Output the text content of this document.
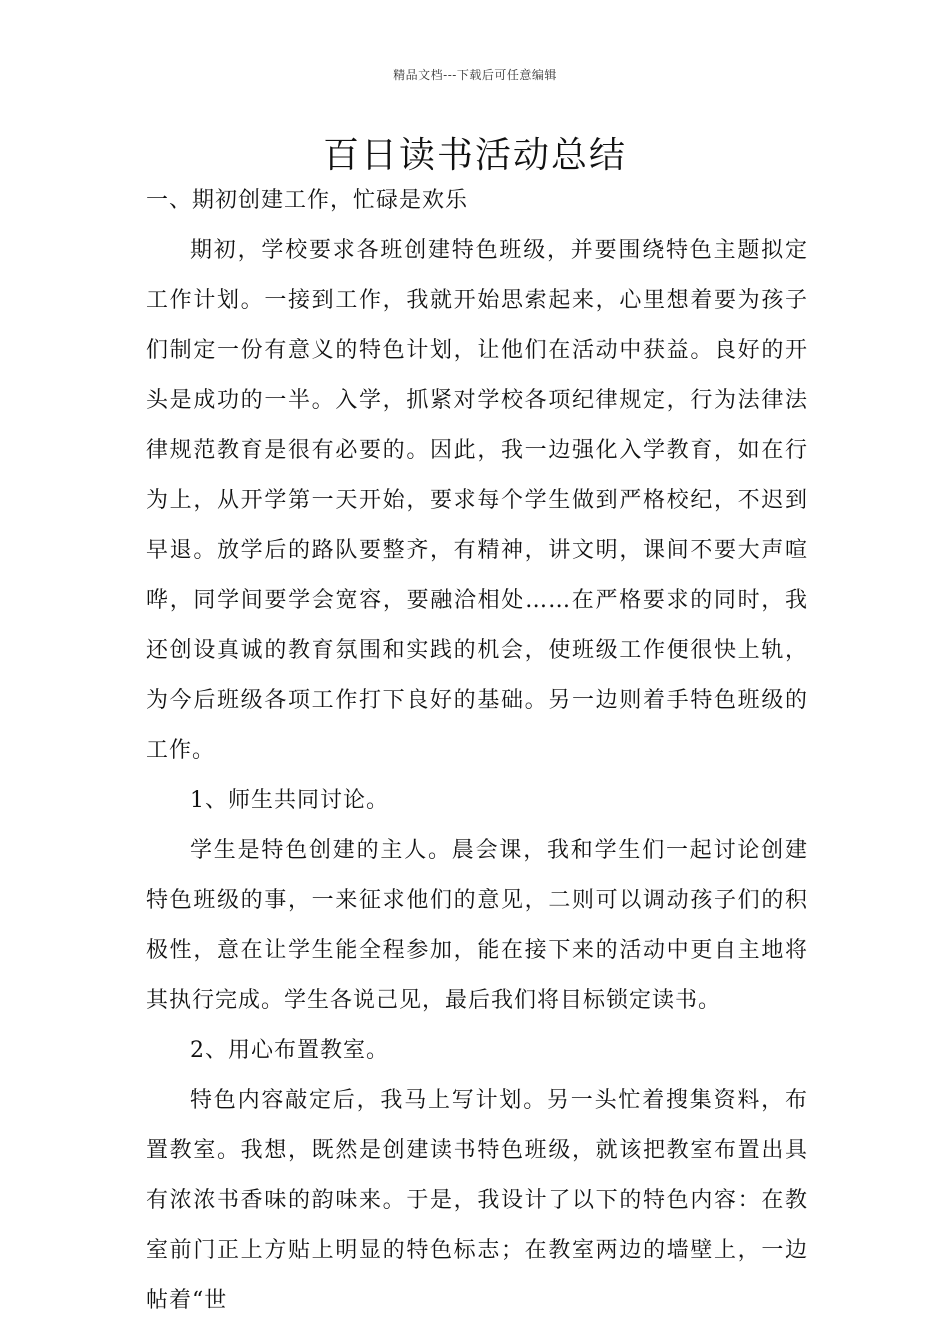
精品文档---下载后可任意编辑
百日读书活动总结

一、期初创建工作，忙碌是欢乐

期初，学校要求各班创建特色班级，并要围绕特色主题拟定工作计划。一接到工作，我就开始思索起来，心里想着要为孩子们制定一份有意义的特色计划，让他们在活动中获益。良好的开头是成功的一半。入学，抓紧对学校各项纪律规定，行为法律法律规范教育是很有必要的。因此，我一边强化入学教育，如在行为上，从开学第一天开始，要求每个学生做到严格校纪，不迟到早退。放学后的路队要整齐，有精神，讲文明，课间不要大声喧哗，同学间要学会宽容，要融洽相处……在严格要求的同时，我还创设真诚的教育氛围和实践的机会，使班级工作便很快上轨，为今后班级各项工作打下良好的基础。另一边则着手特色班级的工作。

1、师生共同讨论。

学生是特色创建的主人。晨会课，我和学生们一起讨论创建特色班级的事，一来征求他们的意见，二则可以调动孩子们的积极性，意在让学生能全程参加，能在接下来的活动中更自主地将其执行完成。学生各说己见，最后我们将目标锁定读书。

2、用心布置教室。

特色内容敲定后，我马上写计划。另一头忙着搜集资料，布置教室。我想，既然是创建读书特色班级，就该把教室布置出具有浓浓书香味的韵味来。于是，我设计了以下的特色内容：在教室前门正上方贴上明显的特色标志；在教室两边的墙壁上，一边帖着“世
